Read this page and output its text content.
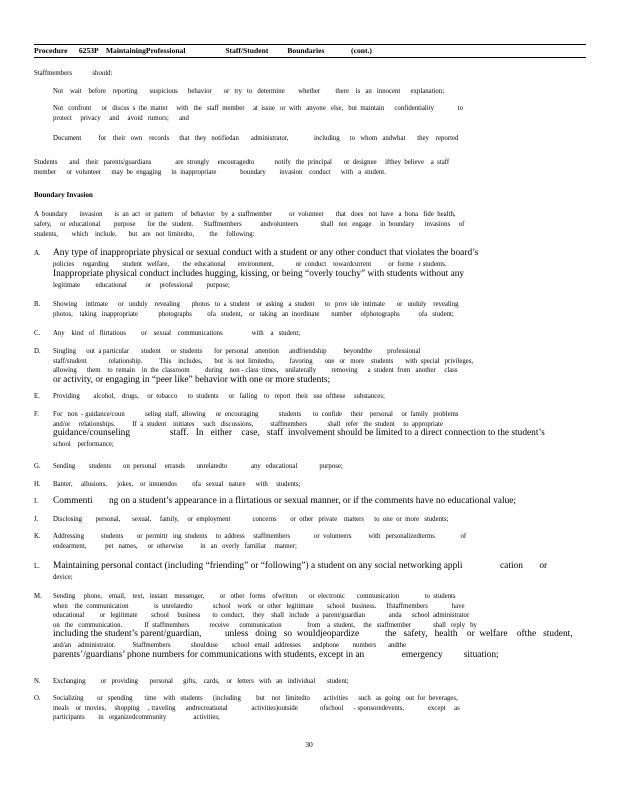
Procedure      6253P    MaintainingProfessional                     Staff/Student          Boundaries              (cont.)
Staffmembers            should:
Not    wait    before    reporting       suspicious      behavior       or   try   to   determine        whether         there    is   an   innocent      explanation;
Not   confront      or   discus  s  the  matter     with   the   staff  member     at  issue   or  with   anyone   else,   but  maintain      confidentiality              to
protect     privacy     and     avoid   rumors;      and
Document          for    their   own    records      that   they   notifiedan       administrator,               including      to   whom   andwhat       they    reported
Students       and    their   parents/guardians              are  strongly     encouragedto            notify   the  principal       or  designee     ifthey  believe    a  staff
member      or  volunteer      may  be  engaging      in  inappropriate              boundary        invasion    conduct      with   a  student.
Boundary Invasion
A  boundary       invasion       is  an  act   or  pattern     of  behavior    by  a  staffmember          or  volunteer       that   does   not  have   a  bona   fide  health,
safety,     or  educational        purpose       for  the   student.      Staffmembers           andvolunteers             shall   not   engage     in  boundary      invasions     of
students,        which    include,       but   are   not  limitedto,         the     following:
A. Any type of inappropriate physical or sexual conduct with a student or any other conduct that violates the board’s
policies     regarding        student   welfare,        the  educational       environment,             or  conduct    towardcurrent          or  forme   r students.
Inappropriate physical conduct includes hugging, kissing, or being “overly touchy” with students without any
legitimate         educational           or     professional        purpose;
B. Showing     intimate      or   unduly    revealing       photos   to  a  student    or  asking   a  student      to   prov  ide  intimate       or   unduly    revealing
photos,    taking   inappropriate            photographs         ofa   student,    or   taking   an  inordinate       number     ofphotographs           ofa   student;
C. Any    kind   of   flirtatious         or    sexual    communications                 with    a   student;
D. Singling      out  a particular       student      or  students       for  personal    attention      andfriendship          beyondthe         professional
staff/student             relationship.          This    includes,       but   is  not  limitedto,         favoring       one   or   more    students       with  special   privileges,
allowing      them    to  remain    in  the  classroom         during    non - class  times,    unilaterally         removing      a  student  from   another     class
or activity, or engaging in “peer like” behavior with one or more students;
E. Providing        alcohol,    drugs,     or  tobacco      to  students      or   failing    to   report   their   use  ofthese     substances;
F. For   non  - guidance/coun            seling  staff,  allowing      or  encouraging            students       to  confide     their    personal     or  family   problems
and/or     relationships.          If  a  student    initiates     such   discussions,          staffmembers            shall   refer   the  student     to  appropriate
guidance/counseling                 staff.   In   either    case,   staff  involvement should be limited to a direct connection to the student’s
school    performance;
G. Sending        students       on  personal     errands       unrelatedto              any   educational             purpose;
H. Banter,     allusions,      jokes,    or  innuendos         ofa   sexual   nature      with     students;
I. Commenti       ng on a student’s appearance in a flirtatious or sexual manner, or if the comments have no educational value;
J. Disclosing        personal,       sexual,     family,     or  employment             concerns        or  other   private    matters      to  one  or  more   students;
K. Addressing          students        or  permittr   ing  students     to  address     staffmembers              or  volunteers          with   personalizedterms               of
endearment,           pet   names,      or  otherwise          in   an   overly   familiar     manner;
L. Maintaining personal contact (including “friending” or “following”) a student on any social networking appli                cation       or
device;
M. Sending     phone,    email,    text,   instant    messenger,         or   other   forms    ofwritten       or  electronic       communication               to  students
when    the  communication               is  unrelatedto            school    work    or  other   legitimate        school    business.      Ifstaffmembers              have
educational         or   legitimate        school     business       to  conduct,     they    shall   include    a  parent/guardian              anda      school  administrator
on   the   communication.             If  staffmembers            receive      communication               from    a  student,     the   staffmember             shall   reply   by
including the student’s parent/guardian,          unless   doing   so  wouldjeopardize           the   safety,   health    or  welfare    ofthe   student,
and/an    administrator.          Staffmembers            shoulduse        school   email   addresses       andphone        numbers       andthe
parents’/guardians’ phone numbers for communications with students, except in an                emergency         situation;
N. Exchanging         or   providing       personal      gifts,    cards,    or   letters   with   an   individual       student;
O. Socializing        or   spending       time    with   students      (including         but    not   limitedto        activities      such   as  going   out  for  beverages,
meals    or  movies,     shopping     , traveling      andrecreational              activities)outside             ofschool      - sponsoredevents,              except     as
participants        in   organizedcommunity                activities;
30
